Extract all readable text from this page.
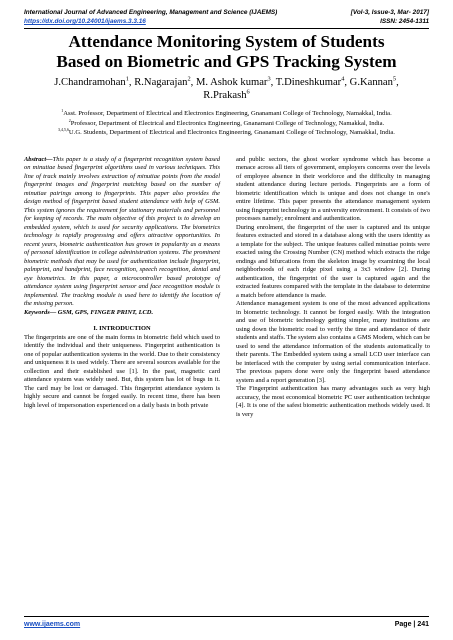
International Journal of Advanced Engineering, Management and Science (IJAEMS)	[Vol-3, Issue-3, Mar- 2017]
https://dx.doi.org/10.24001/ijaems.3.3.16	ISSN: 2454-1311
Attendance Monitoring System of Students
Based on Biometric and GPS Tracking System
J.Chandramohan$^1$, R.Nagarajan$^2$, M. Ashok kumar$^3$, T.Dineshkumar$^4$, G.Kannan$^5$,
R.Prakash$^6$
$^1$Asst. Professor, Department of Electrical and Electronics Engineering, Gnanamani College of Technology, Namakkal, India.
$^2$Professor, Department of Electrical and Electronics Engineering, Gnanamani College of Technology, Namakkal, India.
$^{3,4,5,6}$U.G. Students, Department of Electrical and Electronics Engineering, Gnanamani College of Technology, Namakkal, India.

Abstract—This paper is a study of a fingerprint recognition system based on minutiae based fingerprint algorithms used in various techniques. This line of track mainly involves extraction of minutiae points from the model fingerprint images and fingerprint matching based on the number of minutiae pairings among to fingerprints. This paper also provides the design method of fingerprint based student attendance with help of GSM. This system ignores the requirement for stationary materials and personnel for keeping of records. The main objective of this project is to develop an embedded system, which is used for security applications. The biometrics technology is rapidly progressing and offers attractive opportunities. In recent years, biometric authentication has grown in popularity as a means of personal identification in college administration systems. The prominent biometric methods that may be used for authentication include fingerprint, palmprint, and handprint, face recognition, speech recognition, dental and eye biometrics. In this paper, a microcontroller based prototype of attendance system using fingerprint sensor and face recognition module is implemented. The tracking module is used here to identify the location of the missing person.

Keywords— GSM, GPS, FINGER PRINT, LCD.

I. INTRODUCTION

The fingerprints are one of the main forms in biometric field which used to identify the individual and their uniqueness. Fingerprint authentication is one of popular authentication systems in the world. Due to their consistency and uniqueness it is used widely. There are several sources available for the collection and their established use [1]. In the past, magnetic card attendance system was widely used. But, this system has lot of bugs in it. The card may be lost or damaged. This fingerprint attendance system is highly secure and cannot be forged easily. In recent time, there has been high level of impersonation experienced on a daily basis in both private

and public sectors, the ghost worker syndrome which has become a menace across all tiers of government, employers concerns over the levels of employee absence in their workforce and the difficulty in managing student attendance during lecture periods. Fingerprints are a form of biometric identification which is unique and does not change in one's entire lifetime. This paper presents the attendance management system using fingerprint technology in a university environment. It consists of two processes namely; enrolment and authentication.

During enrolment, the fingerprint of the user is captured and its unique features extracted and stored in a database along with the users identity as a template for the subject. The unique features called minutiae points were exacted using the Crossing Number (CN) method which extracts the ridge endings and bifurcations from the skeleton image by examining the local neighborhoods of each ridge pixel using a 3x3 window [2]. During authentication, the fingerprint of the user is captured again and the extracted features compared with the template in the database to determine a match before attendance is made.

Attendance management system is one of the most advanced applications in biometric technology. It cannot be forged easily. With the integration and use of biometric technology getting simpler, many institutions are using down the biometric road to verify the time and attendance of their students and staffs. The system also contains a GMS Modem, which can be used to send the attendance information of the students automatically to their parents. The Embedded system using a small LCD user interface can be interfaced with the computer by using serial communication interface. The previous papers done were only the fingerprint based attendance system and a report generation [3].

The Fingerprint authentication has many advantages such as very high accuracy, the most economical biometric PC user authentication technique [4]. It is one of the safest biometric authentication methods widely used. It is very

www.ijaems.com	Page | 241
